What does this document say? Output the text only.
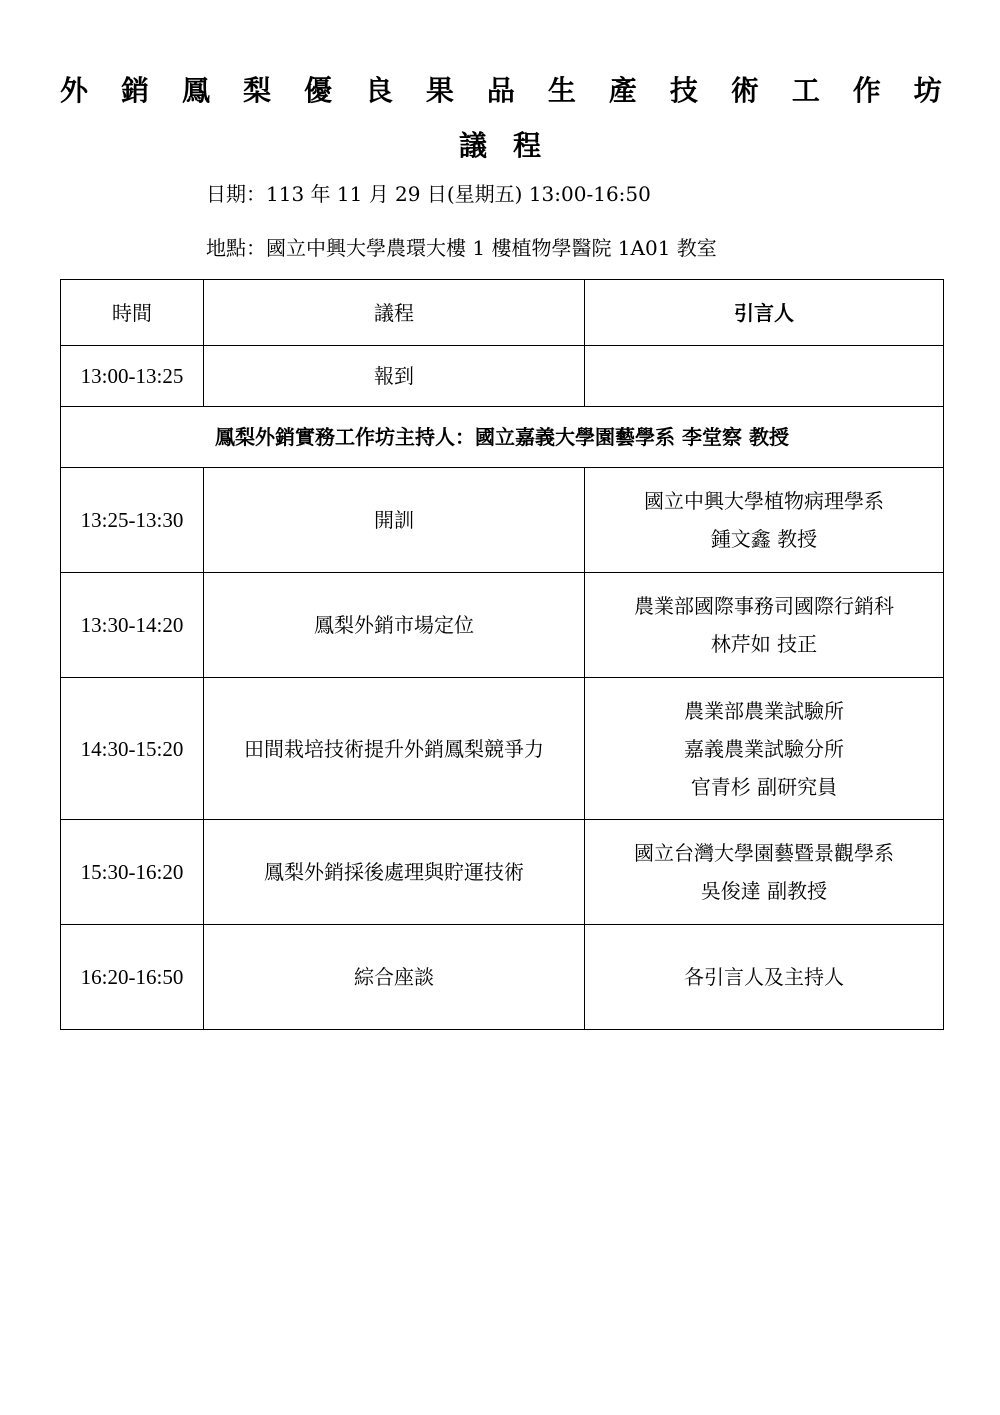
外 銷 鳳 梨 優 良 果 品 生 產 技 術 工 作 坊
議程
日期：113 年 11 月 29 日(星期五) 13:00-16:50
地點：國立中興大學農環大樓 1 樓植物學醫院 1A01 教室
時間	議程	引言人
13:00-13:25	報到	
鳳梨外銷實務工作坊主持人：國立嘉義大學園藝學系 李堂察 教授		
13:25-13:30	開訓	國立中興大學植物病理學系
鍾文鑫 教授

13:30-14:20	鳳梨外銷市場定位	農業部國際事務司國際行銷科
林芹如 技正

14:30-15:20	田間栽培技術提升外銷鳳梨競爭力	農業部農業試驗所
嘉義農業試驗分所
官青杉 副研究員

15:30-16:20	鳳梨外銷採後處理與貯運技術	國立台灣大學園藝暨景觀學系
吳俊達 副教授

16:20-16:50	綜合座談	各引言人及主持人
